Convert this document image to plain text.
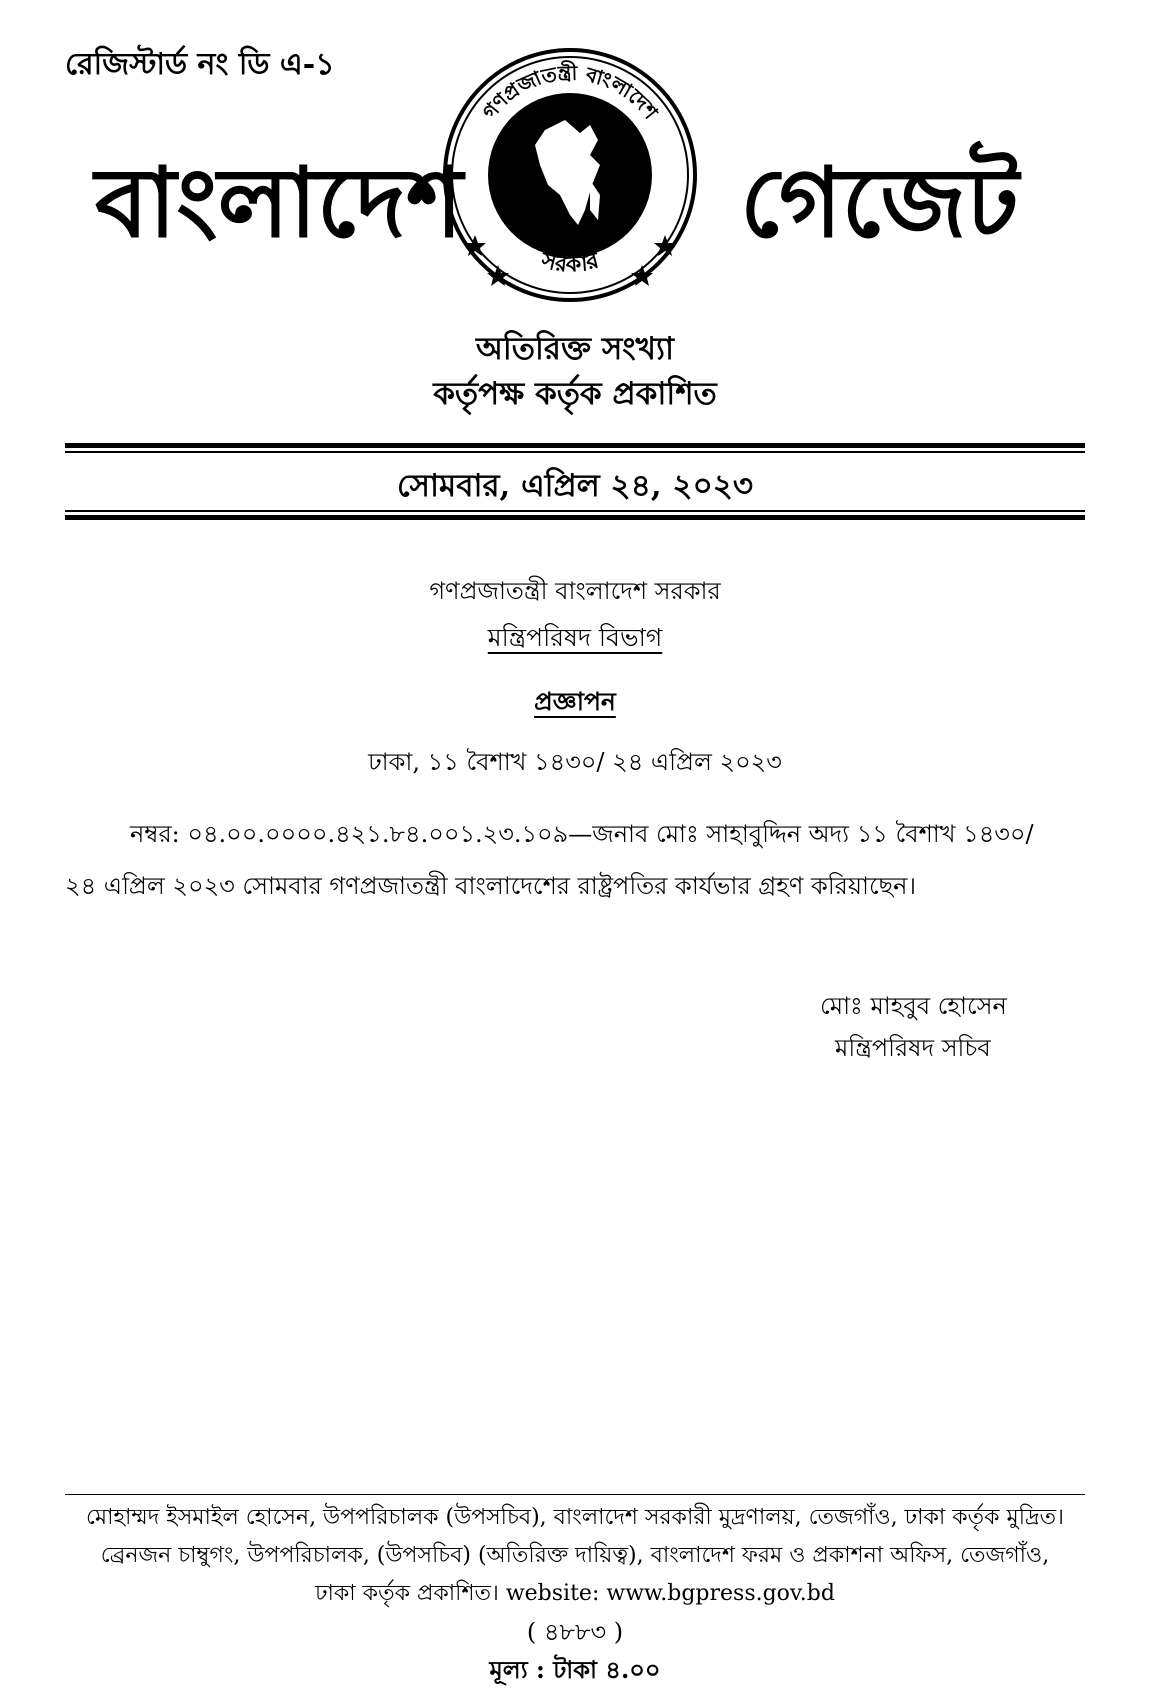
রেজিস্টার্ড নং ডি এ-১
বাংলাদেশ
গণপ্রজাতন্ত্রী বাংলাদেশ
সরকার
গেজেট
অতিরিক্ত সংখ্যা
কর্তৃপক্ষ কর্তৃক প্রকাশিত
সোমবার, এপ্রিল ২৪, ২০২৩
গণপ্রজাতন্ত্রী বাংলাদেশ সরকার
মন্ত্রিপরিষদ বিভাগ
প্রজ্ঞাপন
ঢাকা, ১১ বৈশাখ ১৪৩০/ ২৪ এপ্রিল ২০২৩
নম্বর: ০৪.০০.০০০০.৪২১.৮৪.০০১.২৩.১০৯—জনাব মোঃ সাহাবুদ্দিন অদ্য ১১ বৈশাখ ১৪৩০/
২৪ এপ্রিল ২০২৩ সোমবার গণপ্রজাতন্ত্রী বাংলাদেশের রাষ্ট্রপতির কার্যভার গ্রহণ করিয়াছেন।
মোঃ মাহবুব হোসেন
মন্ত্রিপরিষদ সচিব
মোহাম্মদ ইসমাইল হোসেন, উপপরিচালক (উপসচিব), বাংলাদেশ সরকারী মুদ্রণালয়, তেজগাঁও, ঢাকা কর্তৃক মুদ্রিত।
ব্রেনজন চাম্বুগং, উপপরিচালক, (উপসচিব) (অতিরিক্ত দায়িত্ব), বাংলাদেশ ফরম ও প্রকাশনা অফিস, তেজগাঁও,
ঢাকা কর্তৃক প্রকাশিত। website: www.bgpress.gov.bd
( ৪৮৮৩ )
মূল্য : টাকা ৪.০০
